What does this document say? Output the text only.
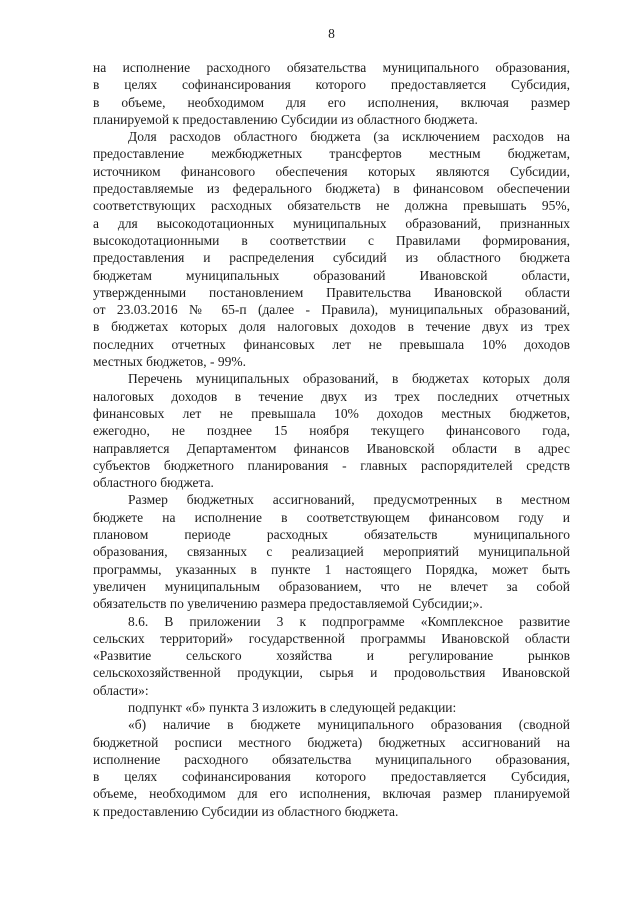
8
на исполнение расходного обязательства муниципального образования,
в целях софинансирования которого предоставляется Субсидия,
в объеме, необходимом для его исполнения, включая размер
планируемой к предоставлению Субсидии из областного бюджета.
Доля расходов областного бюджета (за исключением расходов на
предоставление межбюджетных трансфертов местным бюджетам,
источником финансового обеспечения которых являются Субсидии,
предоставляемые из федерального бюджета) в финансовом обеспечении
соответствующих расходных обязательств не должна превышать 95%,
а для высокодотационных муниципальных образований, признанных
высокодотационными в соответствии с Правилами формирования,
предоставления и распределения субсидий из областного бюджета
бюджетам муниципальных образований Ивановской области,
утвержденными постановлением Правительства Ивановской области
от 23.03.2016 № 65-п (далее - Правила), муниципальных образований,
в бюджетах которых доля налоговых доходов в течение двух из трех
последних отчетных финансовых лет не превышала 10% доходов
местных бюджетов, - 99%.
Перечень муниципальных образований, в бюджетах которых доля
налоговых доходов в течение двух из трех последних отчетных
финансовых лет не превышала 10% доходов местных бюджетов,
ежегодно, не позднее 15 ноября текущего финансового года,
направляется Департаментом финансов Ивановской области в адрес
субъектов бюджетного планирования - главных распорядителей средств
областного бюджета.
Размер бюджетных ассигнований, предусмотренных в местном
бюджете на исполнение в соответствующем финансовом году и
плановом периоде расходных обязательств муниципального
образования, связанных с реализацией мероприятий муниципальной
программы, указанных в пункте 1 настоящего Порядка, может быть
увеличен муниципальным образованием, что не влечет за собой
обязательств по увеличению размера предоставляемой Субсидии;».
8.6. В приложении 3 к подпрограмме «Комплексное развитие
сельских территорий» государственной программы Ивановской области
«Развитие сельского хозяйства и регулирование рынков
сельскохозяйственной продукции, сырья и продовольствия Ивановской
области»:
подпункт «б» пункта 3 изложить в следующей редакции:
«б) наличие в бюджете муниципального образования (сводной
бюджетной росписи местного бюджета) бюджетных ассигнований на
исполнение расходного обязательства муниципального образования,
в целях софинансирования которого предоставляется Субсидия,
объеме, необходимом для его исполнения, включая размер планируемой
к предоставлению Субсидии из областного бюджета.
